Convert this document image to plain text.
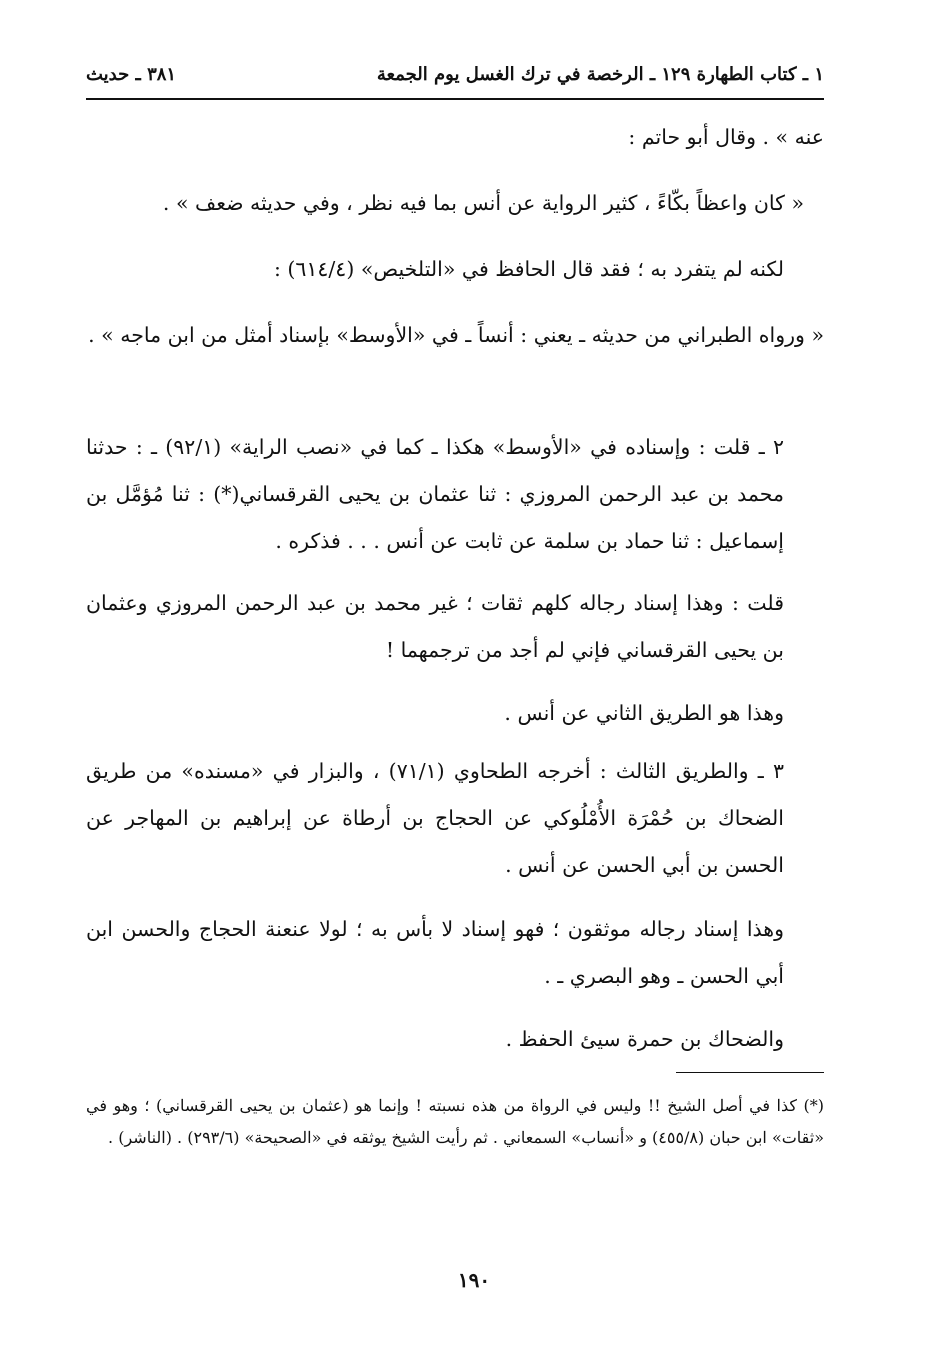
١ ـ كتاب الطهارة ١٢٩ ـ الرخصة في ترك الغسل يوم الجمعة
٣٨١ ـ حديث

عنه » . وقال أبو حاتم :

« كان واعظاً بكّاءً ، كثير الرواية عن أنس بما فيه نظر ، وفي حديثه ضعف » .

لكنه لم يتفرد به ؛ فقد قال الحافظ في «التلخيص» (٦١٤/٤) :

« ورواه الطبراني من حديثه ـ يعني : أنساً ـ في «الأوسط» بإسناد أمثل من ابن ماجه » .

٢ ـ قلت : وإسناده في «الأوسط» هكذا ـ كما في «نصب الراية» (٩٢/١) ـ : حدثنا محمد بن عبد الرحمن المروزي : ثنا عثمان بن يحيى القرقساني(*) : ثنا مُؤمَّل بن إسماعيل : ثنا حماد بن سلمة عن ثابت عن أنس . . . فذكره .

قلت : وهذا إسناد رجاله كلهم ثقات ؛ غير محمد بن عبد الرحمن المروزي وعثمان بن يحيى القرقساني فإني لم أجد من ترجمهما !

وهذا هو الطريق الثاني عن أنس .

٣ ـ والطريق الثالث : أخرجه الطحاوي (٧١/١) ، والبزار في «مسنده» من طريق الضحاك بن حُمْرَة الأُمْلُوكي عن الحجاج بن أرطاة عن إبراهيم بن المهاجر عن الحسن بن أبي الحسن عن أنس .

وهذا إسناد رجاله موثقون ؛ فهو إسناد لا بأس به ؛ لولا عنعنة الحجاج والحسن ابن أبي الحسن ـ وهو البصري ـ .

والضحاك بن حمرة سيئ الحفظ .

(*) كذا في أصل الشيخ !! وليس في الرواة من هذه نسبته ! وإنما هو (عثمان بن يحيى القرقساني) ؛ وهو في «ثقات» ابن حبان (٤٥٥/٨) و «أنساب» السمعاني . ثم رأيت الشيخ يوثقه في «الصحيحة» (٢٩٣/٦) . (الناشر) .

١٩٠
